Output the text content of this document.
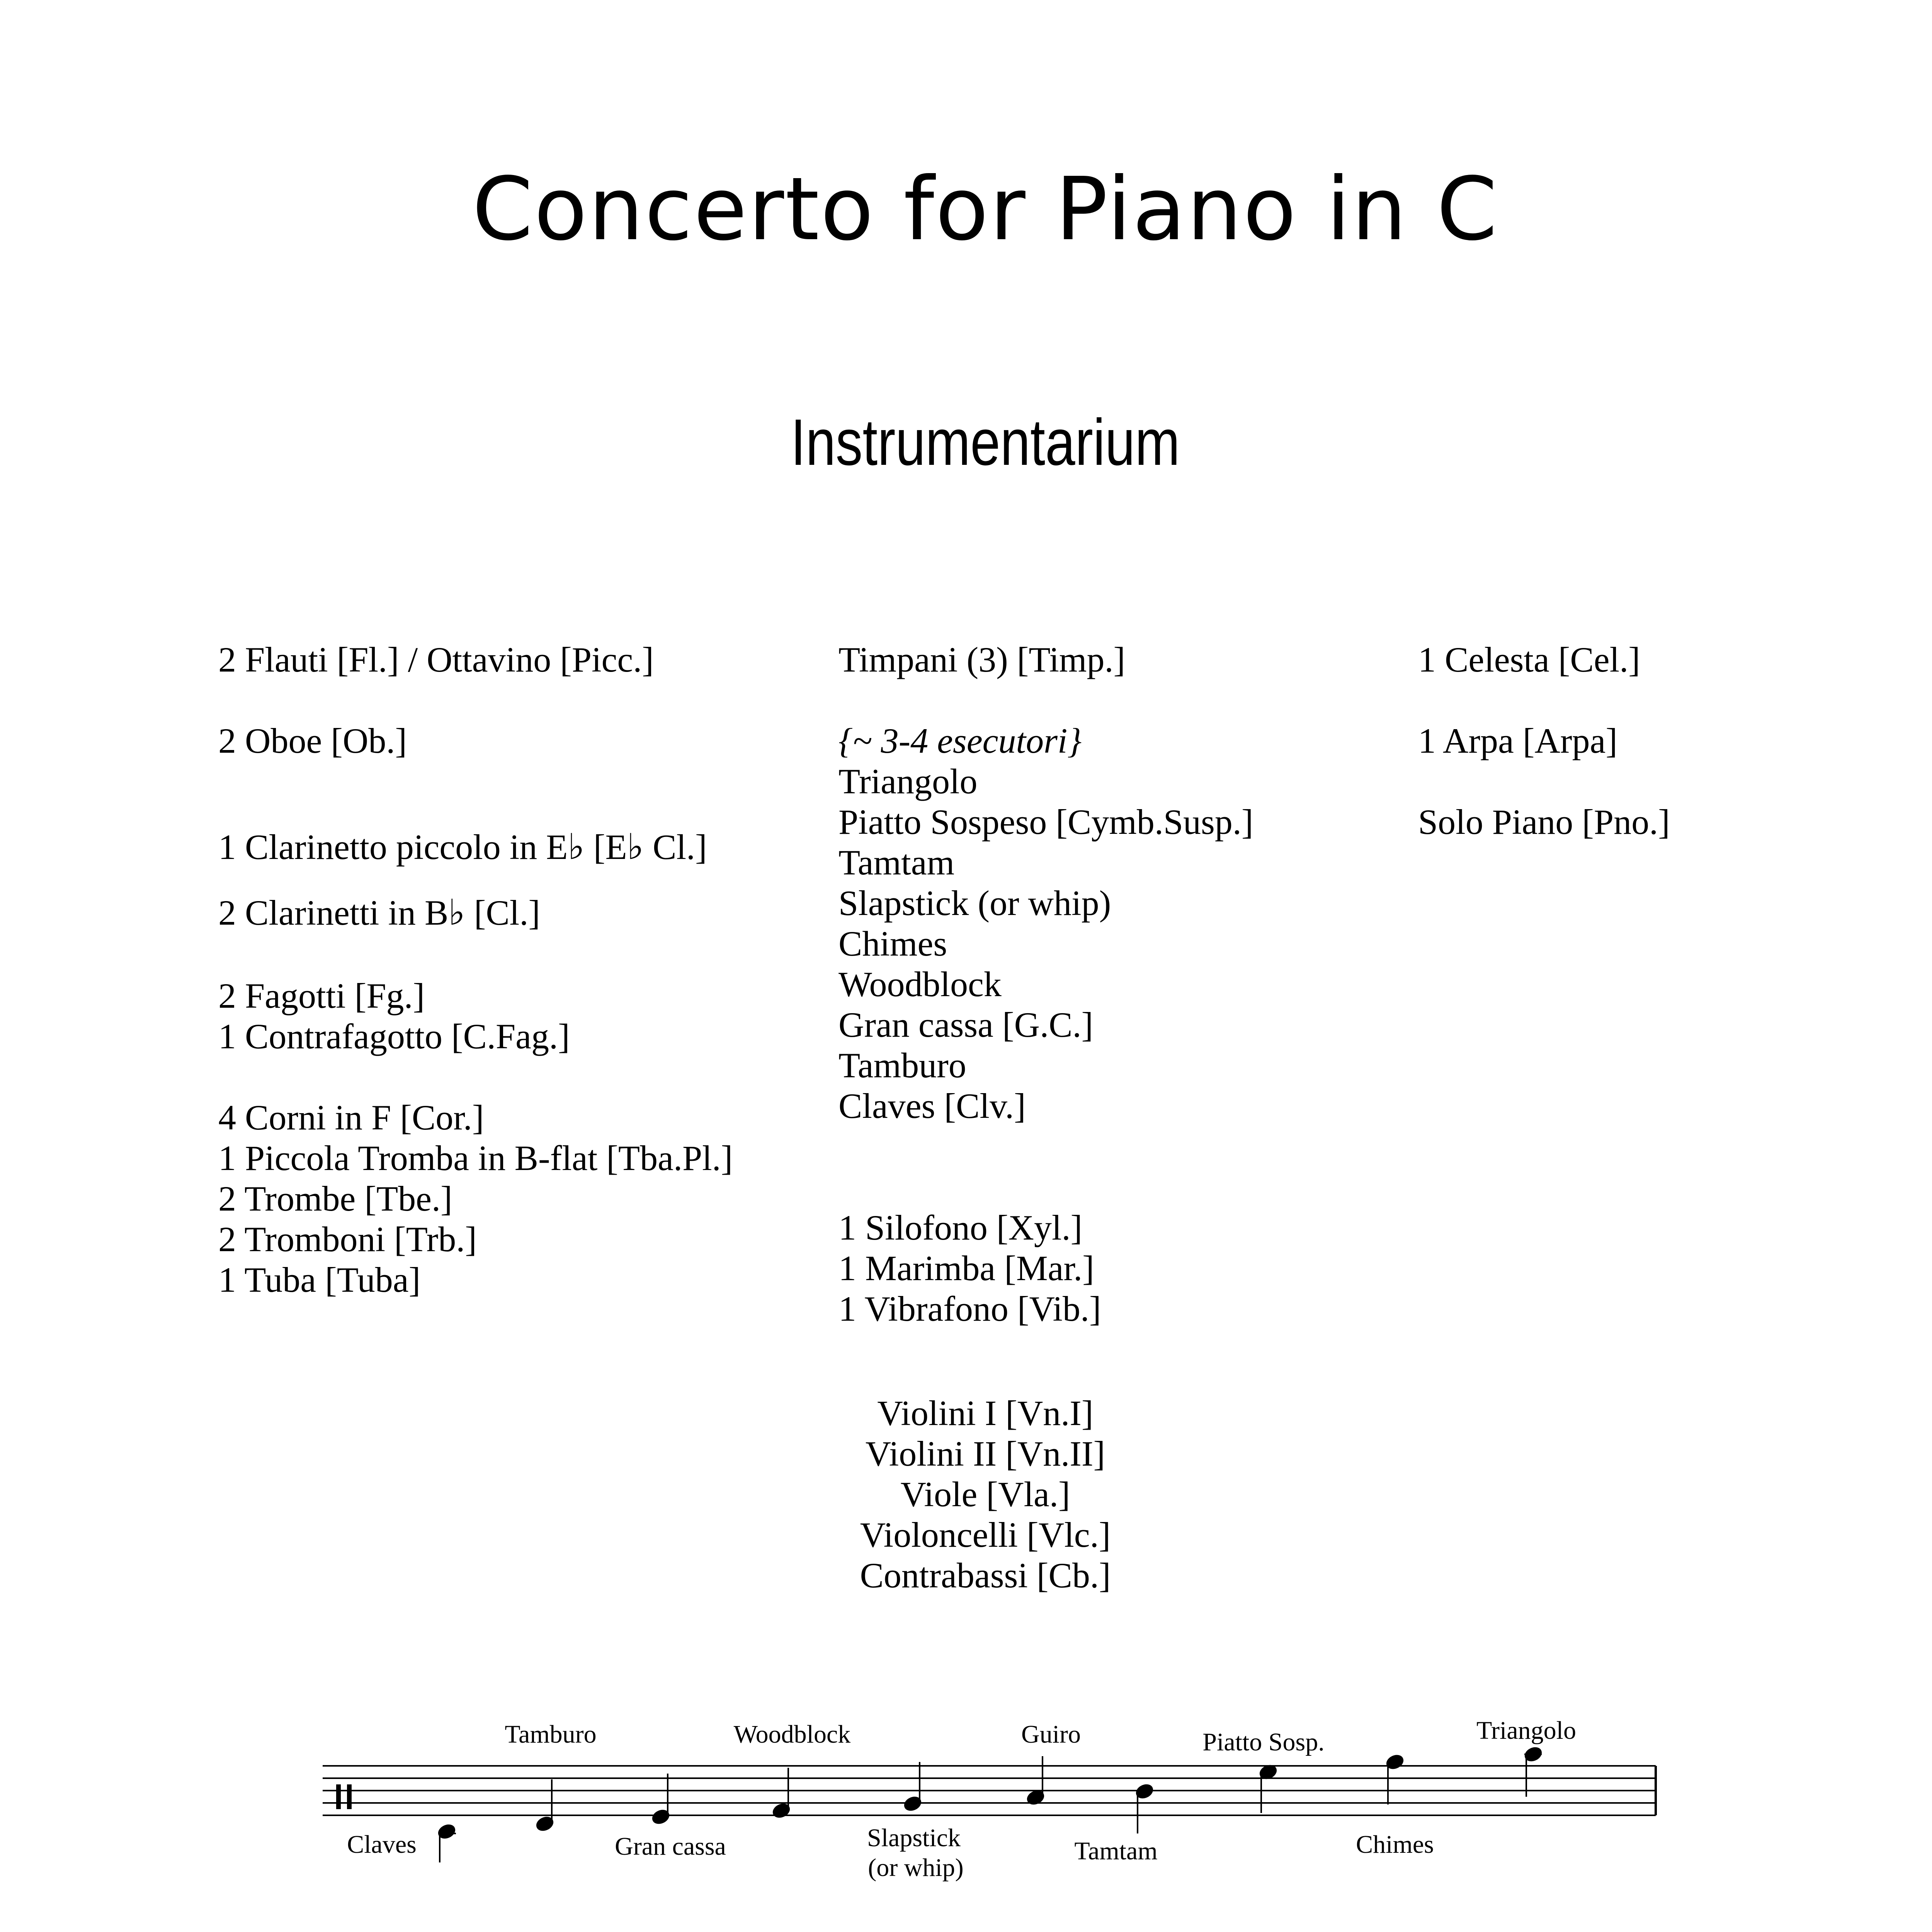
Concerto for Piano in C
Instrumentarium
2 Flauti [Fl.] / Ottavino [Picc.]
2 Oboe [Ob.]
1 Clarinetto piccolo in E♭ [E♭ Cl.]
2 Clarinetti in B♭ [Cl.]
2 Fagotti [Fg.]
1 Contrafagotto [C.Fag.]
4 Corni in F [Cor.]
1 Piccola Tromba in B-flat [Tba.Pl.]
2 Trombe [Tbe.]
2 Tromboni [Trb.]
1 Tuba [Tuba]
Timpani (3) [Timp.]
{~ 3-4 esecutori}
Triangolo
Piatto Sospeso [Cymb.Susp.]
Tamtam
Slapstick (or whip)
Chimes
Woodblock
Gran cassa [G.C.]
Tamburo
Claves [Clv.]
1 Silofono [Xyl.]
1 Marimba [Mar.]
1 Vibrafono [Vib.]
1 Celesta [Cel.]
1 Arpa [Arpa]
Solo Piano [Pno.]
Violini I [Vn.I]
Violini II [Vn.II]
Viole [Vla.]
Violoncelli [Vlc.]
Contrabassi [Cb.]
Tamburo	Woodblock	Guiro	Piatto Sosp.	Triangolo
Claves	Gran cassa	Slapstick
(or whip)
Tamtam	Chimes
